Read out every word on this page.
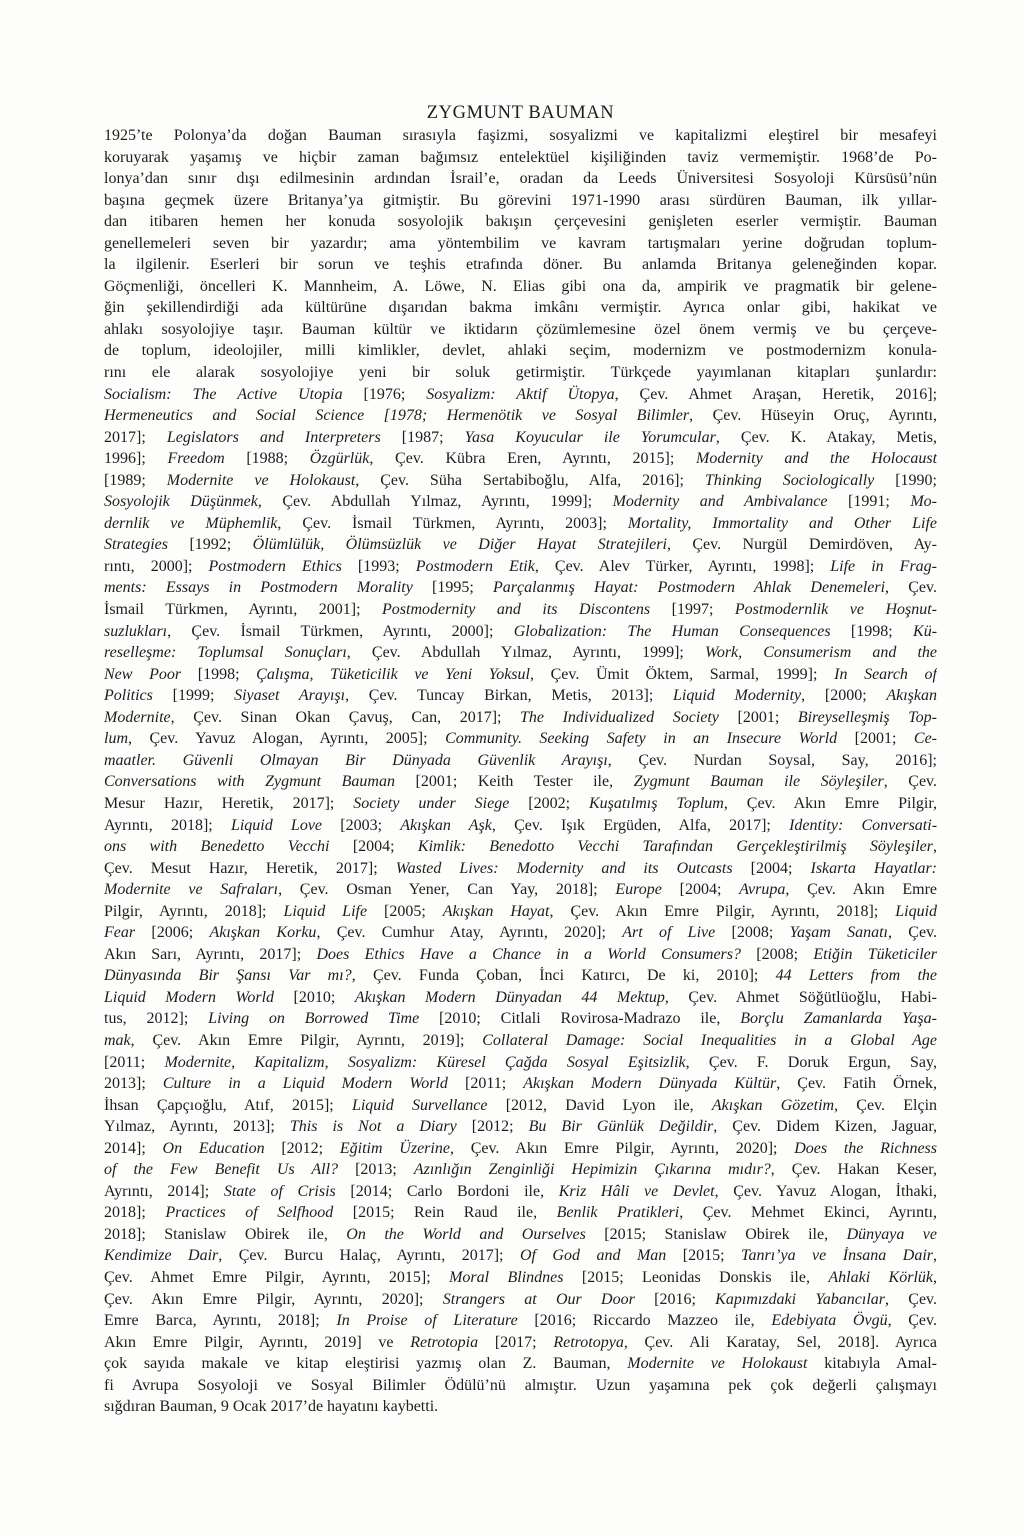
ZYGMUNT BAUMAN
1925’te Polonya’da doğan Bauman sırasıyla faşizmi, sosyalizmi ve kapitalizmi eleştirel bir mesafeyi
koruyarak yaşamış ve hiçbir zaman bağımsız entelektüel kişiliğinden taviz vermemiştir. 1968’de Po-
lonya’dan sınır dışı edilmesinin ardından İsrail’e, oradan da Leeds Üniversitesi Sosyoloji Kürsüsü’nün
başına geçmek üzere Britanya’ya gitmiştir. Bu görevini 1971-1990 arası sürdüren Bauman, ilk yıllar-
dan itibaren hemen her konuda sosyolojik bakışın çerçevesini genişleten eserler vermiştir. Bauman
genellemeleri seven bir yazardır; ama yöntembilim ve kavram tartışmaları yerine doğrudan toplum-
la ilgilenir. Eserleri bir sorun ve teşhis etrafında döner. Bu anlamda Britanya geleneğinden kopar.
Göçmenliği, öncelleri K. Mannheim, A. Löwe, N. Elias gibi ona da, ampirik ve pragmatik bir gelene-
ğin şekillendirdiği ada kültürüne dışarıdan bakma imkânı vermiştir. Ayrıca onlar gibi, hakikat ve
ahlakı sosyolojiye taşır. Bauman kültür ve iktidarın çözümlemesine özel önem vermiş ve bu çerçeve-
de toplum, ideolojiler, milli kimlikler, devlet, ahlaki seçim, modernizm ve postmodernizm konula-
rını ele alarak sosyolojiye yeni bir soluk getirmiştir. Türkçede yayımlanan kitapları şunlardır:
Socialism: The Active Utopia [1976; Sosyalizm: Aktif Ütopya, Çev. Ahmet Araşan, Heretik, 2016];
Hermeneutics and Social Science [1978; Hermenötik ve Sosyal Bilimler, Çev. Hüseyin Oruç, Ayrıntı,
2017]; Legislators and Interpreters [1987; Yasa Koyucular ile Yorumcular, Çev. K. Atakay, Metis,
1996]; Freedom [1988; Özgürlük, Çev. Kübra Eren, Ayrıntı, 2015]; Modernity and the Holocaust
[1989; Modernite ve Holokaust, Çev. Süha Sertabiboğlu, Alfa, 2016]; Thinking Sociologically [1990;
Sosyolojik Düşünmek, Çev. Abdullah Yılmaz, Ayrıntı, 1999]; Modernity and Ambivalance [1991; Mo-
dernlik ve Müphemlik, Çev. İsmail Türkmen, Ayrıntı, 2003]; Mortality, Immortality and Other Life
Strategies [1992; Ölümlülük, Ölümsüzlük ve Diğer Hayat Stratejileri, Çev. Nurgül Demirdöven, Ay-
rıntı, 2000]; Postmodern Ethics [1993; Postmodern Etik, Çev. Alev Türker, Ayrıntı, 1998]; Life in Frag-
ments: Essays in Postmodern Morality [1995; Parçalanmış Hayat: Postmodern Ahlak Denemeleri, Çev.
İsmail Türkmen, Ayrıntı, 2001]; Postmodernity and its Discontens [1997; Postmodernlik ve Hoşnut-
suzlukları, Çev. İsmail Türkmen, Ayrıntı, 2000]; Globalization: The Human Consequences [1998; Kü-
reselleşme: Toplumsal Sonuçları, Çev. Abdullah Yılmaz, Ayrıntı, 1999]; Work, Consumerism and the
New Poor [1998; Çalışma, Tüketicilik ve Yeni Yoksul, Çev. Ümit Öktem, Sarmal, 1999]; In Search of
Politics [1999; Siyaset Arayışı, Çev. Tuncay Birkan, Metis, 2013]; Liquid Modernity, [2000; Akışkan
Modernite, Çev. Sinan Okan Çavuş, Can, 2017]; The Individualized Society [2001; Bireyselleşmiş Top-
lum, Çev. Yavuz Alogan, Ayrıntı, 2005]; Community. Seeking Safety in an Insecure World [2001; Ce-
maatler. Güvenli Olmayan Bir Dünyada Güvenlik Arayışı, Çev. Nurdan Soysal, Say, 2016];
Conversations with Zygmunt Bauman [2001; Keith Tester ile, Zygmunt Bauman ile Söyleşiler, Çev.
Mesur Hazır, Heretik, 2017]; Society under Siege [2002; Kuşatılmış Toplum, Çev. Akın Emre Pilgir,
Ayrıntı, 2018]; Liquid Love [2003; Akışkan Aşk, Çev. Işık Ergüden, Alfa, 2017]; Identity: Conversati-
ons with Benedetto Vecchi [2004; Kimlik: Benedotto Vecchi Tarafından Gerçekleştirilmiş Söyleşiler,
Çev. Mesut Hazır, Heretik, 2017]; Wasted Lives: Modernity and its Outcasts [2004; Iskarta Hayatlar:
Modernite ve Safraları, Çev. Osman Yener, Can Yay, 2018]; Europe [2004; Avrupa, Çev. Akın Emre
Pilgir, Ayrıntı, 2018]; Liquid Life [2005; Akışkan Hayat, Çev. Akın Emre Pilgir, Ayrıntı, 2018]; Liquid
Fear [2006; Akışkan Korku, Çev. Cumhur Atay, Ayrıntı, 2020]; Art of Live [2008; Yaşam Sanatı, Çev.
Akın Sarı, Ayrıntı, 2017]; Does Ethics Have a Chance in a World Consumers? [2008; Etiğin Tüketiciler
Dünyasında Bir Şansı Var mı?, Çev. Funda Çoban, İnci Katırcı, De ki, 2010]; 44 Letters from the
Liquid Modern World [2010; Akışkan Modern Dünyadan 44 Mektup, Çev. Ahmet Söğütlüoğlu, Habi-
tus, 2012]; Living on Borrowed Time [2010; Citlali Rovirosa-Madrazo ile, Borçlu Zamanlarda Yaşa-
mak, Çev. Akın Emre Pilgir, Ayrıntı, 2019]; Collateral Damage: Social Inequalities in a Global Age
[2011; Modernite, Kapitalizm, Sosyalizm: Küresel Çağda Sosyal Eşitsizlik, Çev. F. Doruk Ergun, Say,
2013]; Culture in a Liquid Modern World [2011; Akışkan Modern Dünyada Kültür, Çev. Fatih Örnek,
İhsan Çapçıoğlu, Atıf, 2015]; Liquid Survellance [2012, David Lyon ile, Akışkan Gözetim, Çev. Elçin
Yılmaz, Ayrıntı, 2013]; This is Not a Diary [2012; Bu Bir Günlük Değildir, Çev. Didem Kizen, Jaguar,
2014]; On Education [2012; Eğitim Üzerine, Çev. Akın Emre Pilgir, Ayrıntı, 2020]; Does the Richness
of the Few Benefit Us All? [2013; Azınlığın Zenginliği Hepimizin Çıkarına mıdır?, Çev. Hakan Keser,
Ayrıntı, 2014]; State of Crisis [2014; Carlo Bordoni ile, Kriz Hâli ve Devlet, Çev. Yavuz Alogan, İthaki,
2018]; Practices of Selfhood [2015; Rein Raud ile, Benlik Pratikleri, Çev. Mehmet Ekinci, Ayrıntı,
2018]; Stanislaw Obirek ile, On the World and Ourselves [2015; Stanislaw Obirek ile, Dünyaya ve
Kendimize Dair, Çev. Burcu Halaç, Ayrıntı, 2017]; Of God and Man [2015; Tanrı’ya ve İnsana Dair,
Çev. Ahmet Emre Pilgir, Ayrıntı, 2015]; Moral Blindnes [2015; Leonidas Donskis ile, Ahlaki Körlük,
Çev. Akın Emre Pilgir, Ayrıntı, 2020]; Strangers at Our Door [2016; Kapımızdaki Yabancılar, Çev.
Emre Barca, Ayrıntı, 2018]; In Proise of Literature [2016; Riccardo Mazzeo ile, Edebiyata Övgü, Çev.
Akın Emre Pilgir, Ayrıntı, 2019] ve Retrotopia [2017; Retrotopya, Çev. Ali Karatay, Sel, 2018]. Ayrıca
çok sayıda makale ve kitap eleştirisi yazmış olan Z. Bauman, Modernite ve Holokaust kitabıyla Amal-
fi Avrupa Sosyoloji ve Sosyal Bilimler Ödülü’nü almıştır. Uzun yaşamına pek çok değerli çalışmayı
sığdıran Bauman, 9 Ocak 2017’de hayatını kaybetti.
